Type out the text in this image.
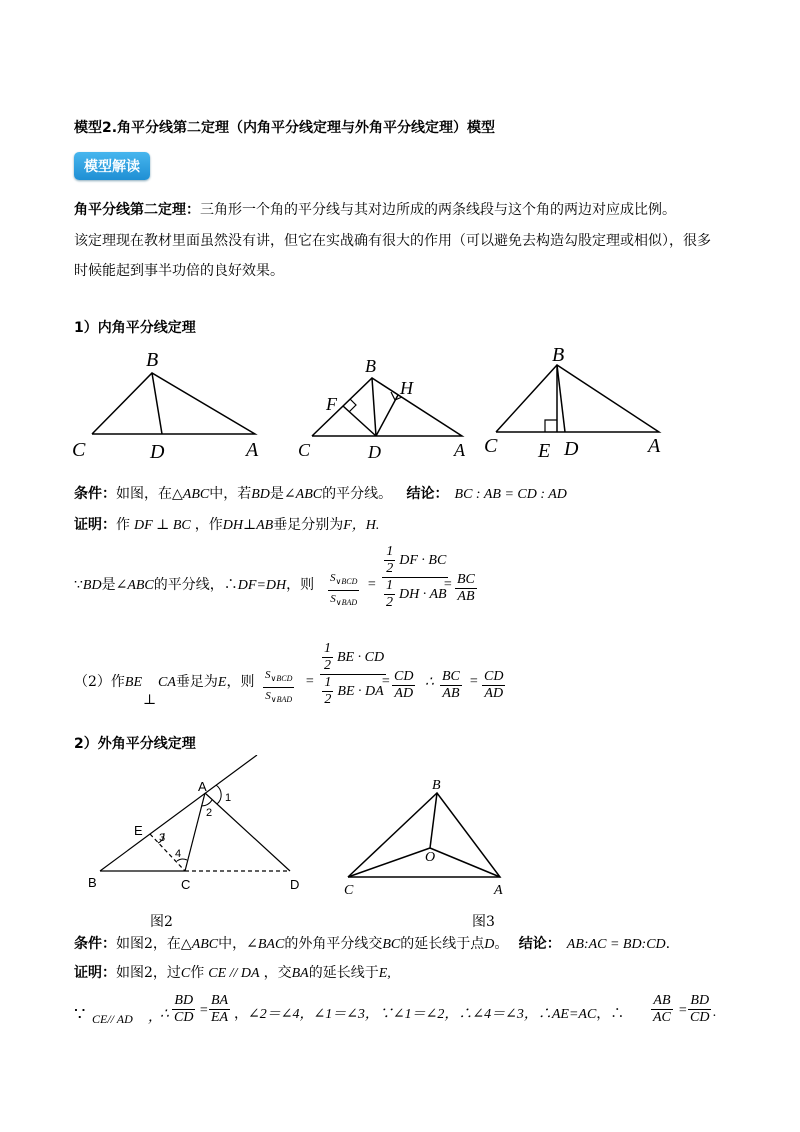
模型2.角平分线第二定理（内角平分线定理与外角平分线定理）模型
模型解读
角平分线第二定理：三角形一个角的平分线与其对边所成的两条线段与这个角的两边对应成比例。
该定理现在教材里面虽然没有讲，但它在实战确有很大的作用（可以避免去构造勾股定理或相似），很多
时候能起到事半功倍的良好效果。
1）内角平分线定理
B
C	D	A
B
F
H
C	D	A
B
C E D	A
条件：如图，在△ABC中，若BD是∠ABC的平分线。 结论： BC : AB = CD : AD
证明：作 DF ⊥ BC ，作DH⊥AB垂足分别为F，H.
∵BD是∠ABC的平分线，∴DF=DH，则 $\frac{S_{\vee BCD}}{S_{\vee BAD}}$ =
$\frac{1}{2}$ DF · BC
$\frac{1}{2}$ DH · AB
= $\frac{BC}{AB}$
（2）作BE CA垂足为E，则
⊥	$\frac{S_{\vee BCD}}{S_{\vee BAD}}$ =
$\frac{1}{2}$ BE · CD
$\frac{1}{2}$ BE · DA
= $\frac{CD}{AD}$ ∴ $\frac{BC}{AB} = \frac{CD}{AD}$
2）外角平分线定理
A
B	C	D
E
1
2
3
4
B
O
C	A
图2	图3
条件：如图2，在△ABC中，∠BAC的外角平分线交BC的延长线于点D。 结论： AB:AC = BD:CD.
证明：如图2，过C作 CE // DA ，交BA的延长线于E,
∵ CE// AD ，
∴ $\frac{BD}{CD} = \frac{BA}{EA}$ ，∠2＝∠4，∠1＝∠3，∵∠1＝∠2，∴∠4＝∠3，∴AE=AC，∴ $\frac{AB}{AC} = \frac{BD}{CD}$ .
